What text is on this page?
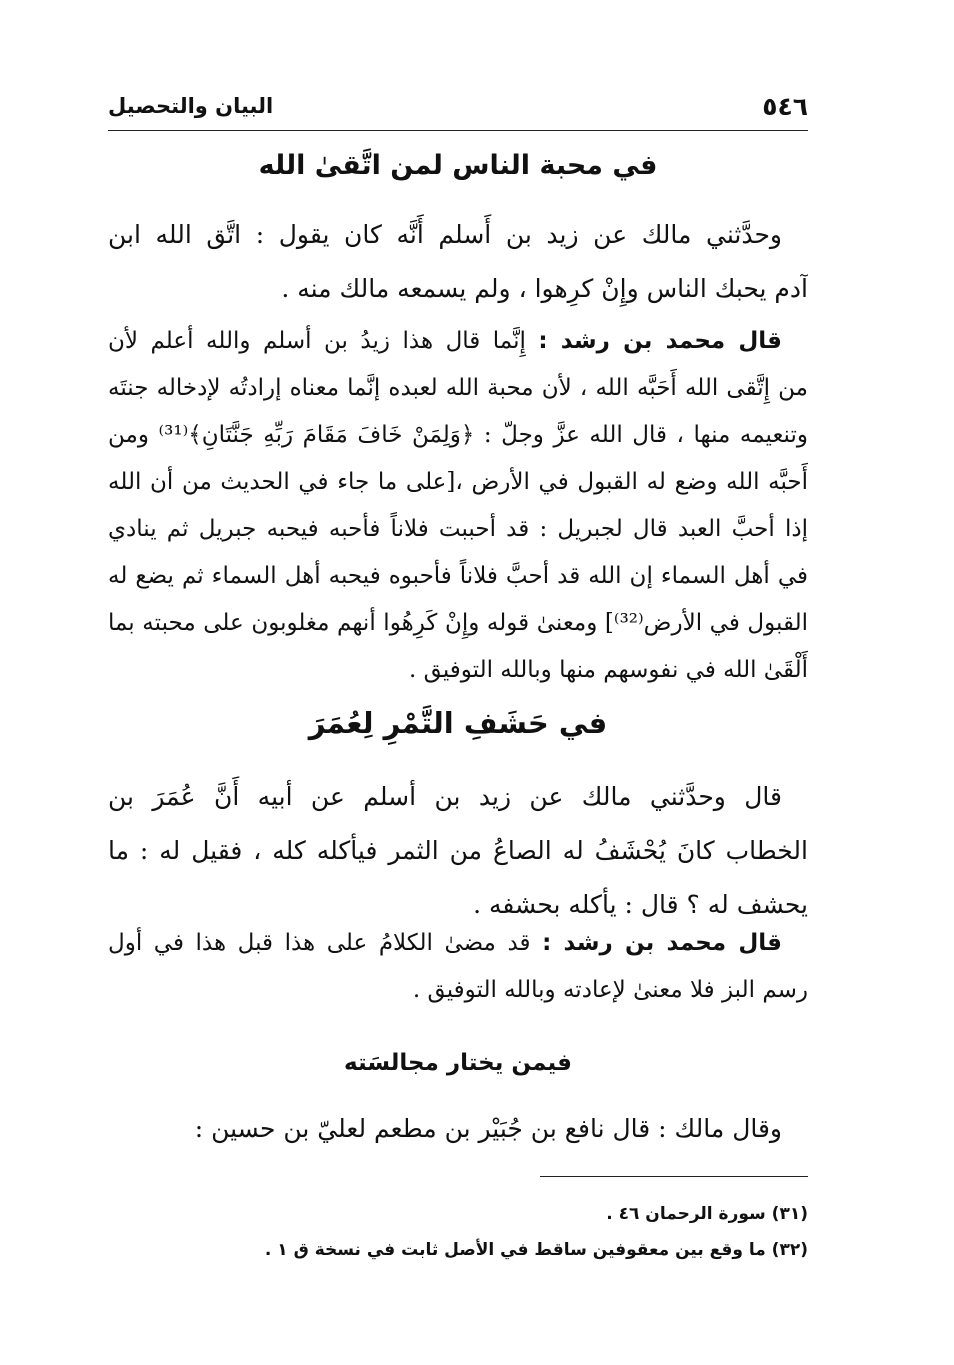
٥٤٦
البيان والتحصيل
في محبة الناس لمن اتَّقىٰ الله

وحدَّثني مالك عن زيد بن أَسلم أَنَّه كان يقول : اتَّق الله ابن
آدم يحبك الناس وإِنْ كرِهوا ، ولم يسمعه مالك منه .

قال محمد بن رشد : إِنَّما قال هذا زيدُ بن أسلم والله أعلم لأن
من إِتَّقى الله أَحَبَّه الله ، لأن محبة الله لعبده إنَّما معناه إرادتُه لإدخاله جنتَه
وتنعيمه منها ، قال الله عزَّ وجلّ : ﴿وَلِمَنْ خَافَ مَقَامَ رَبِّهِ جَنَّتَانِ﴾⁽³¹⁾ ومن
أَحبَّه الله وضع له القبول في الأرض ،[على ما جاء في الحديث من أن الله
إذا أحبَّ العبد قال لجبريل : قد أحببت فلاناً فأحبه فيحبه جبريل ثم ينادي
في أهل السماء إن الله قد أحبَّ فلاناً فأحبوه فيحبه أهل السماء ثم يضع له
القبول في الأرض⁽³²⁾] ومعنىٰ قوله وإِنْ كَرِهُوا أنهم مغلوبون على محبته بما
أَلْقَىٰ الله في نفوسهم منها وبالله التوفيق .

في حَشَفِ التَّمْرِ لِعُمَرَ

قال وحدَّثني مالك عن زيد بن أسلم عن أبيه أَنَّ عُمَرَ بن
الخطاب كانَ يُحْشَفُ له الصاعُ من الثمر فيأكله كله ، فقيل له : ما
يحشف له ؟ قال : يأكله بحشفه .

قال محمد بن رشد : قد مضىٰ الكلامُ على هذا قبل هذا في أول
رسم البز فلا معنىٰ لإعادته وبالله التوفيق .

فيمن يختار مجالسَته

وقال مالك : قال نافع بن جُبَيْر بن مطعم لعليّ بن حسين :

(٣١) سورة الرحمان ٤٦ .

(٣٢) ما وقع بين معقوفين ساقط في الأصل ثابت في نسخة ق ١ .
